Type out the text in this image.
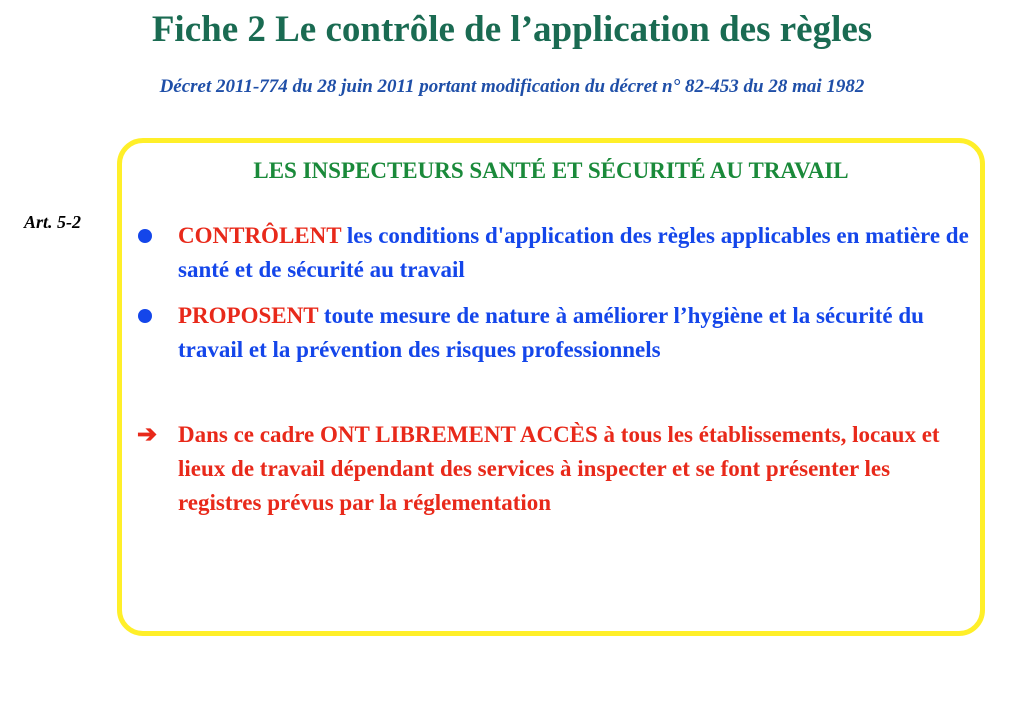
Fiche 2 Le contrôle de l’application des règles
Décret 2011-774 du 28 juin 2011 portant modification du décret n° 82-453 du 28 mai 1982
Art. 5-2
LES INSPECTEURS SANTÉ ET SÉCURITÉ AU TRAVAIL
CONTRÔLENT les conditions d'application des règles applicables en matière de santé et de sécurité au travail
PROPOSENT toute mesure de nature à améliorer l’hygiène et la sécurité du travail et la prévention des risques professionnels
➔ Dans ce cadre ONT LIBREMENT ACCÈS à tous les établissements, locaux et lieux de travail dépendant des services à inspecter et se font présenter les registres prévus par la réglementation
